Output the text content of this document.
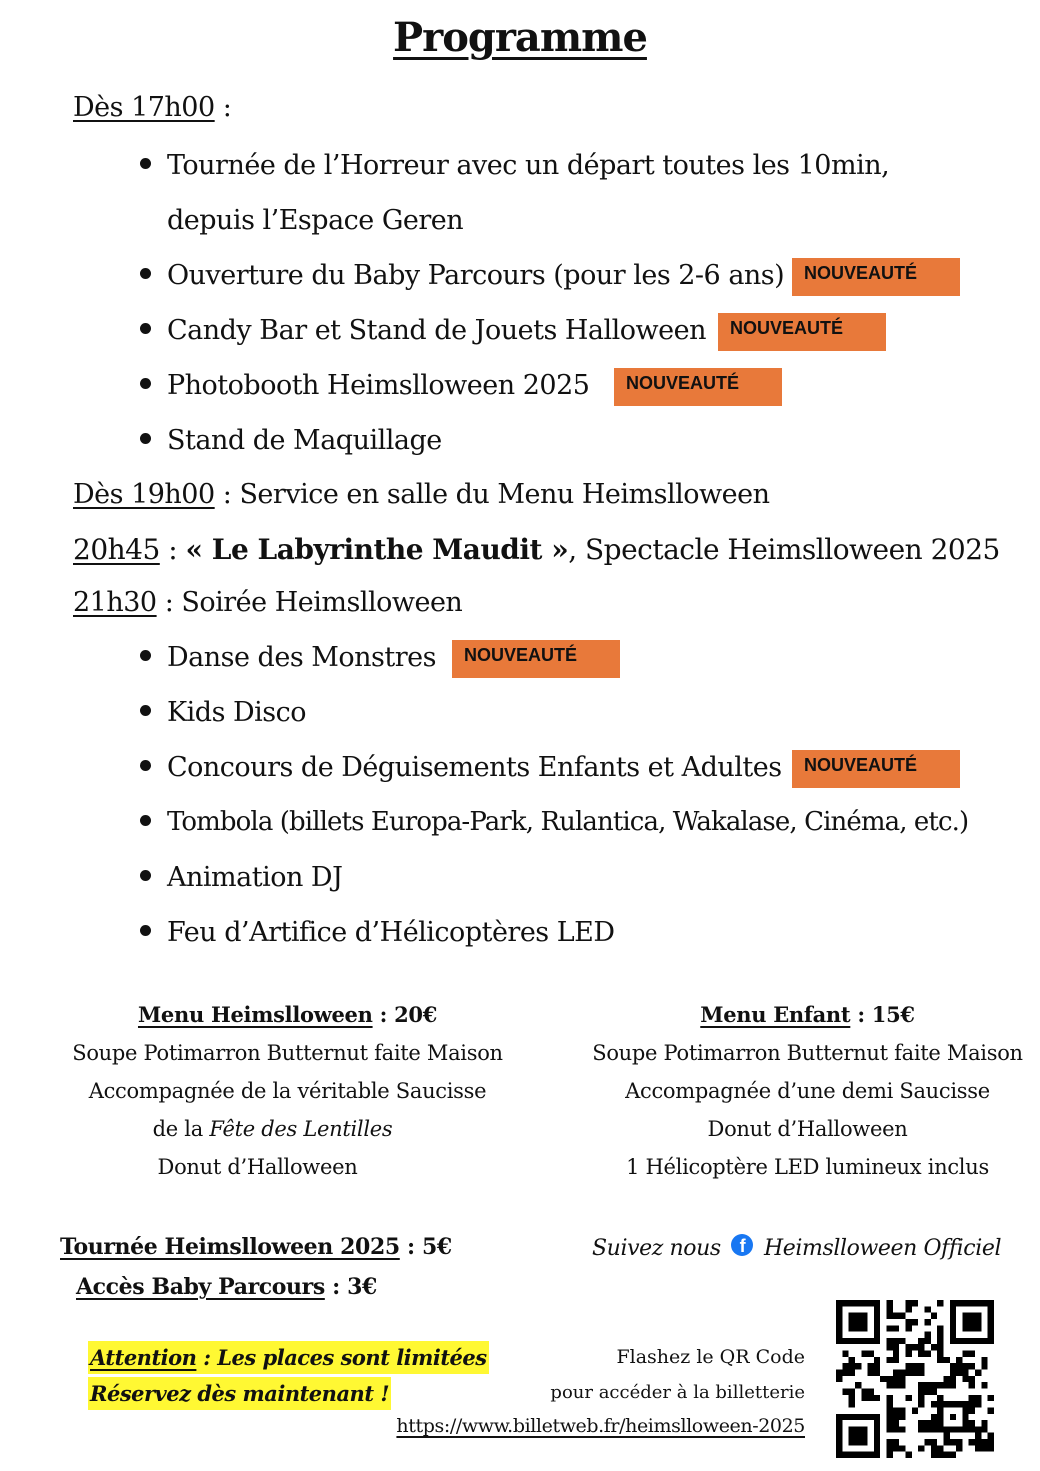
Programme
Dès 17h00 :
Tournée de l’Horreur avec un départ toutes les 10min,
depuis l’Espace Geren
Ouverture du Baby Parcours (pour les 2-6 ans)	NOUVEAUTÉ
Candy Bar et Stand de Jouets Halloween	NOUVEAUTÉ
Photobooth Heimslloween 2025	NOUVEAUTÉ
Stand de Maquillage
Dès 19h00 : Service en salle du Menu Heimslloween
20h45 : « Le Labyrinthe Maudit », Spectacle Heimslloween 2025
21h30 : Soirée Heimslloween
Danse des Monstres	NOUVEAUTÉ
Kids Disco
Concours de Déguisements Enfants et Adultes	NOUVEAUTÉ
Tombola (billets Europa-Park, Rulantica, Wakalase, Cinéma, etc.)
Animation DJ
Feu d’Artifice d’Hélicoptères LED
Menu Heimslloween : 20€
Soupe Potimarron Butternut faite Maison
Accompagnée de la véritable Saucisse
de la Fête des Lentilles
Donut d’Halloween
Menu Enfant : 15€
Soupe Potimarron Butternut faite Maison
Accompagnée d’une demi Saucisse
Donut d’Halloween
1 Hélicoptère LED lumineux inclus
Tournée Heimslloween 2025 : 5€
Accès Baby Parcours : 3€
Suivez nous f Heimslloween Officiel
Attention : Les places sont limitées
Réservez dès maintenant !
Flashez le QR Code
pour accéder à la billetterie
https://www.billetweb.fr/heimslloween-2025
